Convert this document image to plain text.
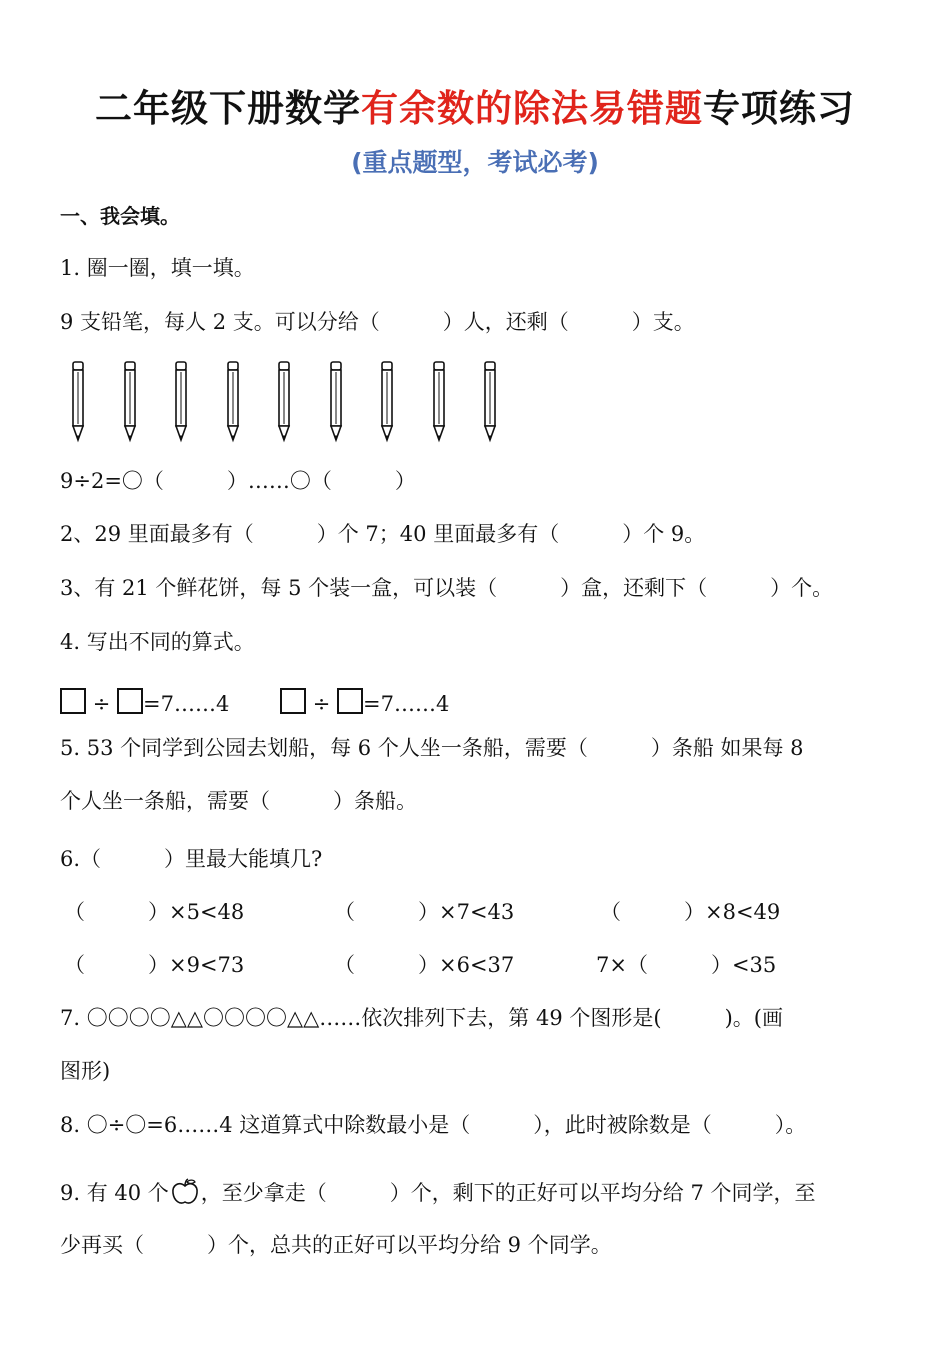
二年级下册数学有余数的除法易错题专项练习
(重点题型，考试必考)
一、我会填。
1. 圈一圈，填一填。
9 支铅笔，每人 2 支。可以分给（　　　）人，还剩（　　　）支。
9÷2=〇（　　　）……〇（　　　）
2、29 里面最多有（　　　）个 7；40 里面最多有（　　　）个 9。
3、有 21 个鲜花饼，每 5 个装一盒，可以装（　　　）盒，还剩下（　　　）个。
4. 写出不同的算式。
÷ =7……4	÷ =7……4
5. 53 个同学到公园去划船，每 6 个人坐一条船，需要（　　　）条船 如果每 8
个人坐一条船，需要（　　　）条船。
6.（　　　）里最大能填几?
（　　　）×5<48	（　　　）×7<43	（　　　）×8<49
（　　　）×9<73	（　　　）×6<37	7×（　　　）<35
7. 〇〇〇〇△△〇〇〇〇△△……依次排列下去，第 49 个图形是(　　　)。(画
图形)
8. 〇÷〇=6……4 这道算式中除数最小是（　　　），此时被除数是（　　　）。
9. 有 40 个 ，至少拿走（　　　）个，剩下的正好可以平均分给 7 个同学，至
少再买（　　　）个，总共的正好可以平均分给 9 个同学。
